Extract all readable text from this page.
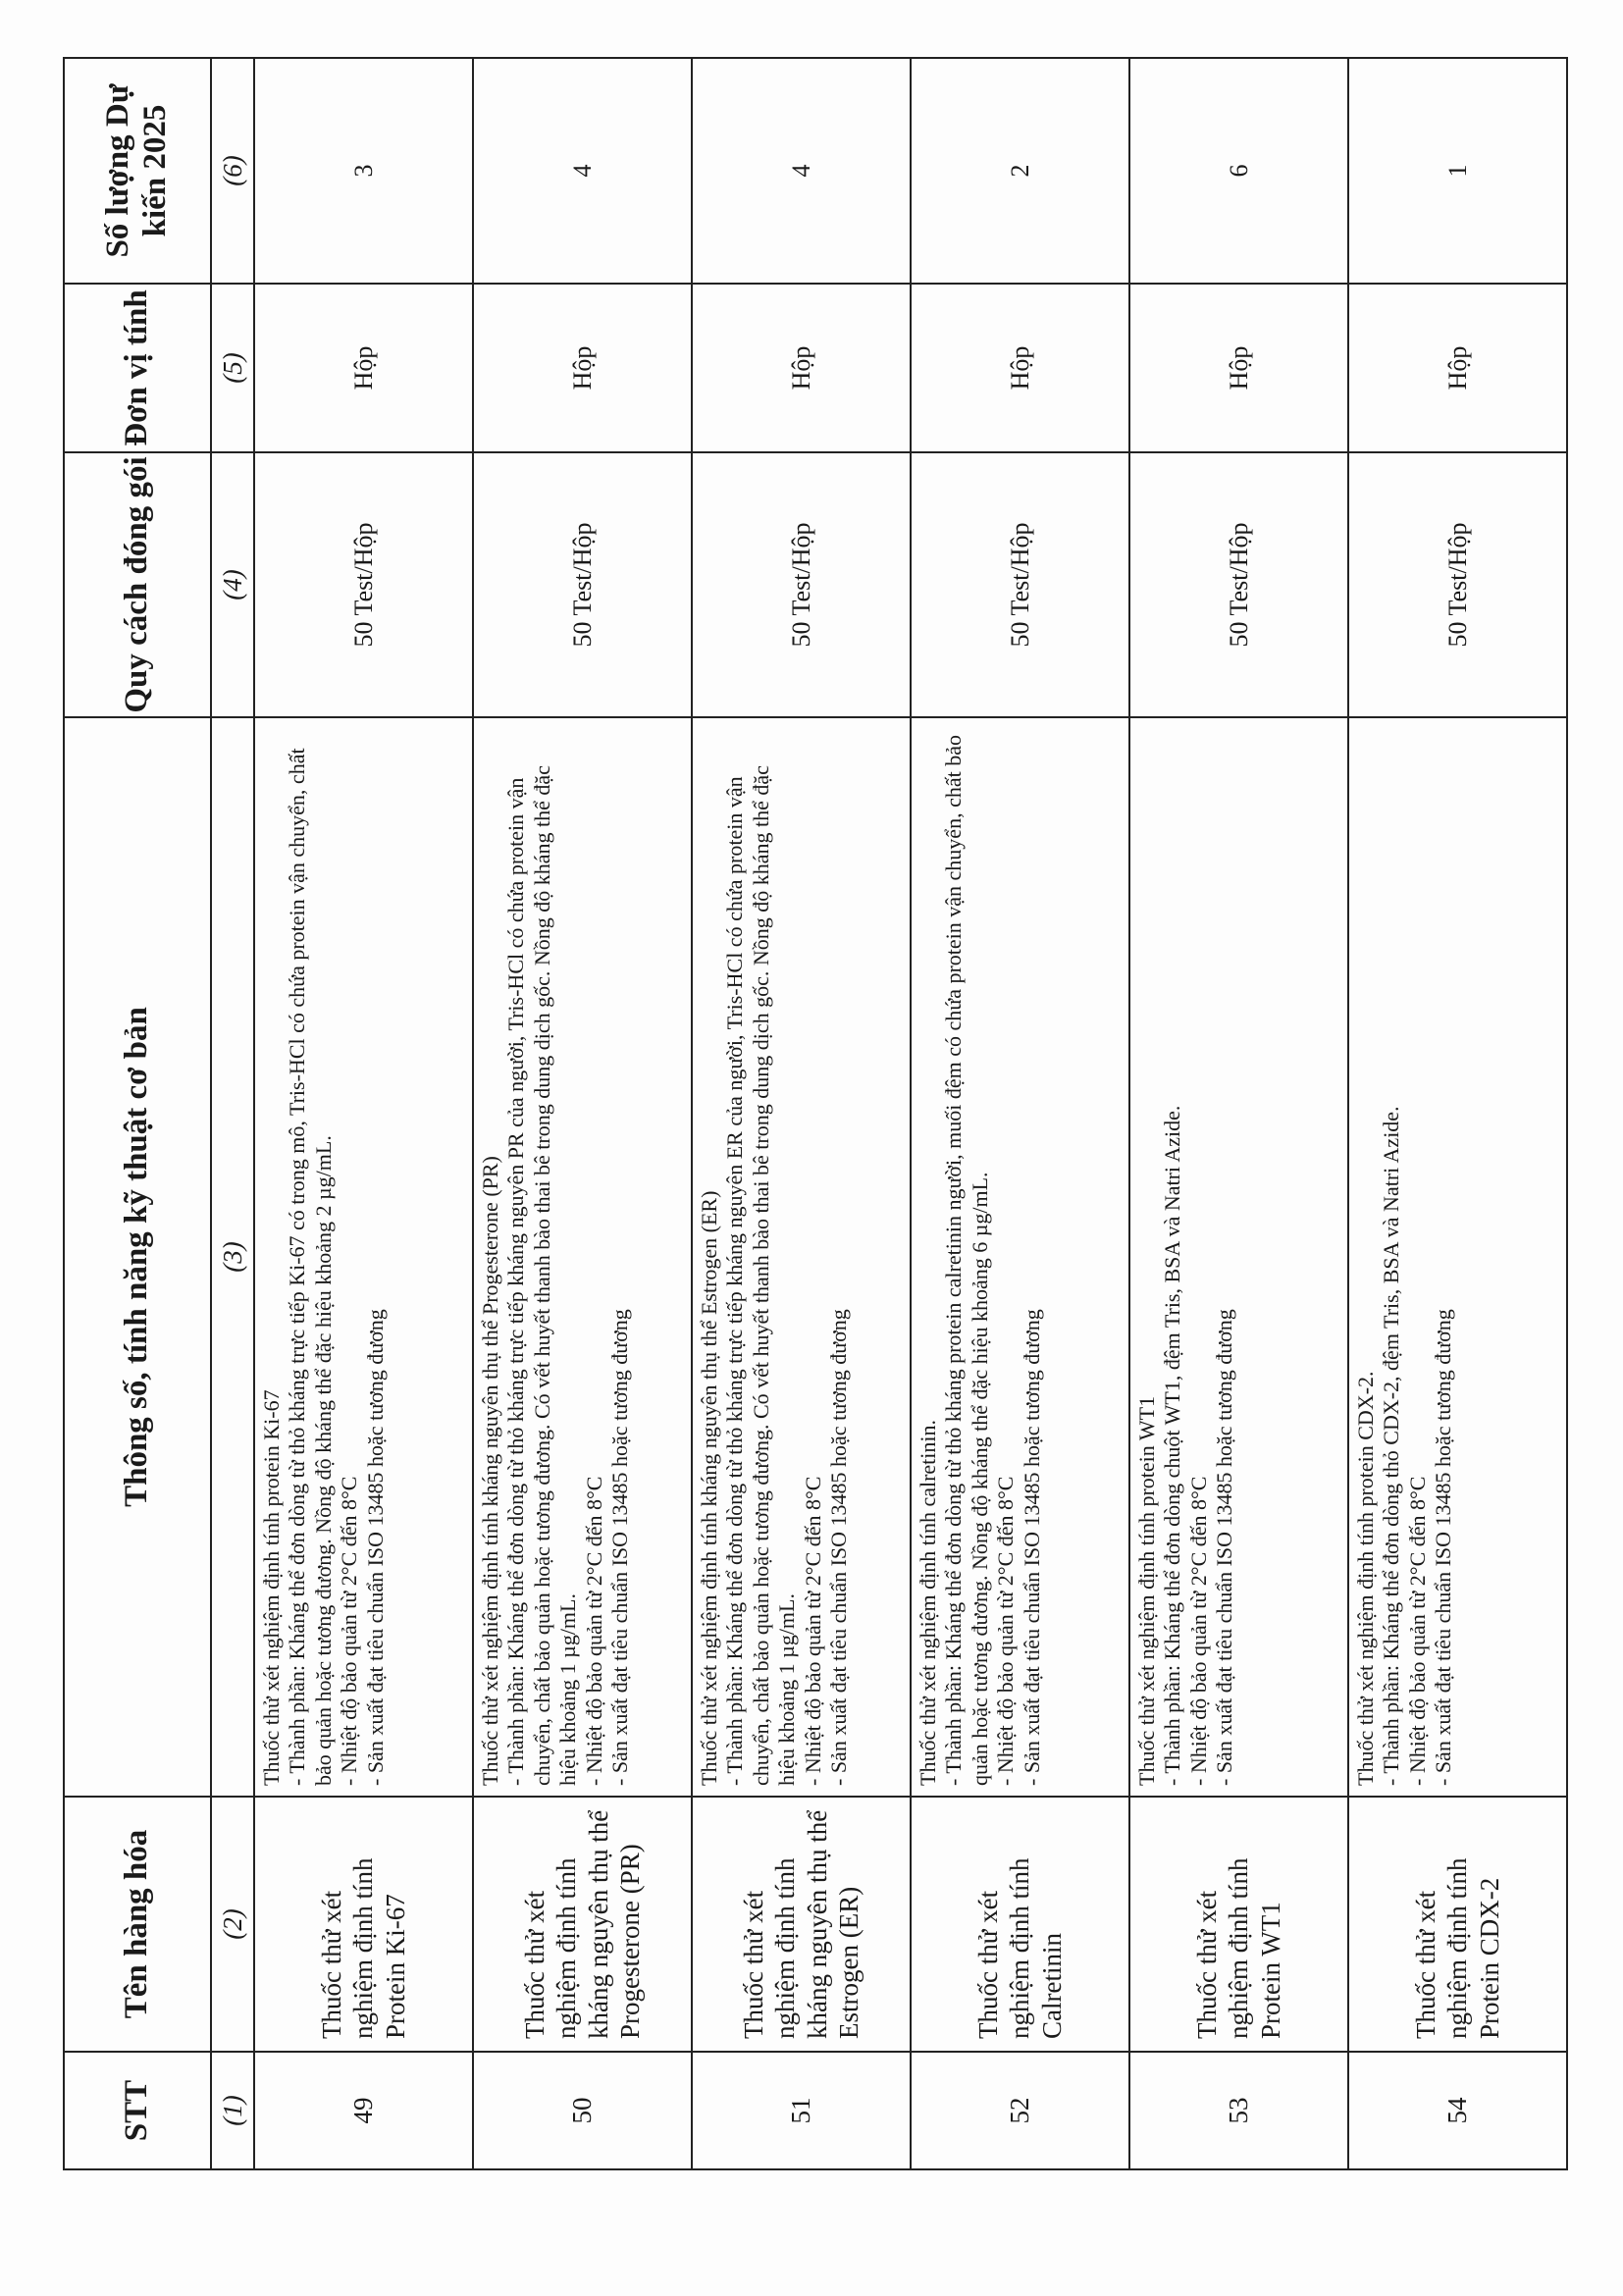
STT	Tên hàng hóa	Thông số, tính năng kỹ thuật cơ bản	Quy cách đóng gói	Đơn vị tính	Số lượng Dự kiến 2025
(1)	(2)	(3)	(4)	(5)	(6)
49	Thuốc thử xét nghiệm định tính Protein Ki-67	Thuốc thử xét nghiệm định tính protein Ki-67 - Thành phần: Kháng thể đơn dòng từ thỏ kháng trực tiếp Ki-67 có trong mô, Tris-HCl có chứa protein vận chuyển, chất bảo quản hoặc tương đương. Nồng độ kháng thể đặc hiệu khoảng 2 µg/mL. - Nhiệt độ bảo quản từ 2°C đến 8°C - Sản xuất đạt tiêu chuẩn ISO 13485 hoặc tương đương	50 Test/Hộp	Hộp	3
50	Thuốc thử xét nghiệm định tính kháng nguyên thụ thể Progesterone (PR)	Thuốc thử xét nghiệm định tính kháng nguyên thụ thể Progesterone (PR) - Thành phần: Kháng thể đơn dòng từ thỏ kháng trực tiếp kháng nguyên PR của người, Tris-HCl có chứa protein vận chuyển, chất bảo quản hoặc tương đương. Có vết huyết thanh bào thai bê trong dung dịch gốc. Nồng độ kháng thể đặc hiệu khoảng 1 µg/mL. - Nhiệt độ bảo quản từ 2°C đến 8°C - Sản xuất đạt tiêu chuẩn ISO 13485 hoặc tương đương	50 Test/Hộp	Hộp	4
51	Thuốc thử xét nghiệm định tính kháng nguyên thụ thể Estrogen (ER)	Thuốc thử xét nghiệm định tính kháng nguyên thụ thể Estrogen (ER) - Thành phần: Kháng thể đơn dòng từ thỏ kháng trực tiếp kháng nguyên ER của người, Tris-HCl có chứa protein vận chuyển, chất bảo quản hoặc tương đương. Có vết huyết thanh bào thai bê trong dung dịch gốc. Nồng độ kháng thể đặc hiệu khoảng 1 µg/mL. - Nhiệt độ bảo quản từ 2°C đến 8°C - Sản xuất đạt tiêu chuẩn ISO 13485 hoặc tương đương	50 Test/Hộp	Hộp	4
52	Thuốc thử xét nghiệm định tính Calretinin	Thuốc thử xét nghiệm định tính calretinin. - Thành phần: Kháng thể đơn dòng từ thỏ kháng protein calretinin người, muối đệm có chứa protein vận chuyển, chất bảo quản hoặc tương đương. Nồng độ kháng thể đặc hiệu khoảng 6 µg/mL. - Nhiệt độ bảo quản từ 2°C đến 8°C - Sản xuất đạt tiêu chuẩn ISO 13485 hoặc tương đương	50 Test/Hộp	Hộp	2
53	Thuốc thử xét nghiệm định tính Protein WT1	Thuốc thử xét nghiệm định tính protein WT1 - Thành phần: Kháng thể đơn dòng chuột WT1, đệm Tris, BSA và Natri Azide. - Nhiệt độ bảo quản từ 2°C đến 8°C - Sản xuất đạt tiêu chuẩn ISO 13485 hoặc tương đương	50 Test/Hộp	Hộp	6
54	Thuốc thử xét nghiệm định tính Protein CDX-2	Thuốc thử xét nghiệm định tính protein CDX-2. - Thành phần: Kháng thể đơn dòng thỏ CDX-2, đệm Tris, BSA và Natri Azide. - Nhiệt độ bảo quản từ 2°C đến 8°C - Sản xuất đạt tiêu chuẩn ISO 13485 hoặc tương đương	50 Test/Hộp	Hộp	1
